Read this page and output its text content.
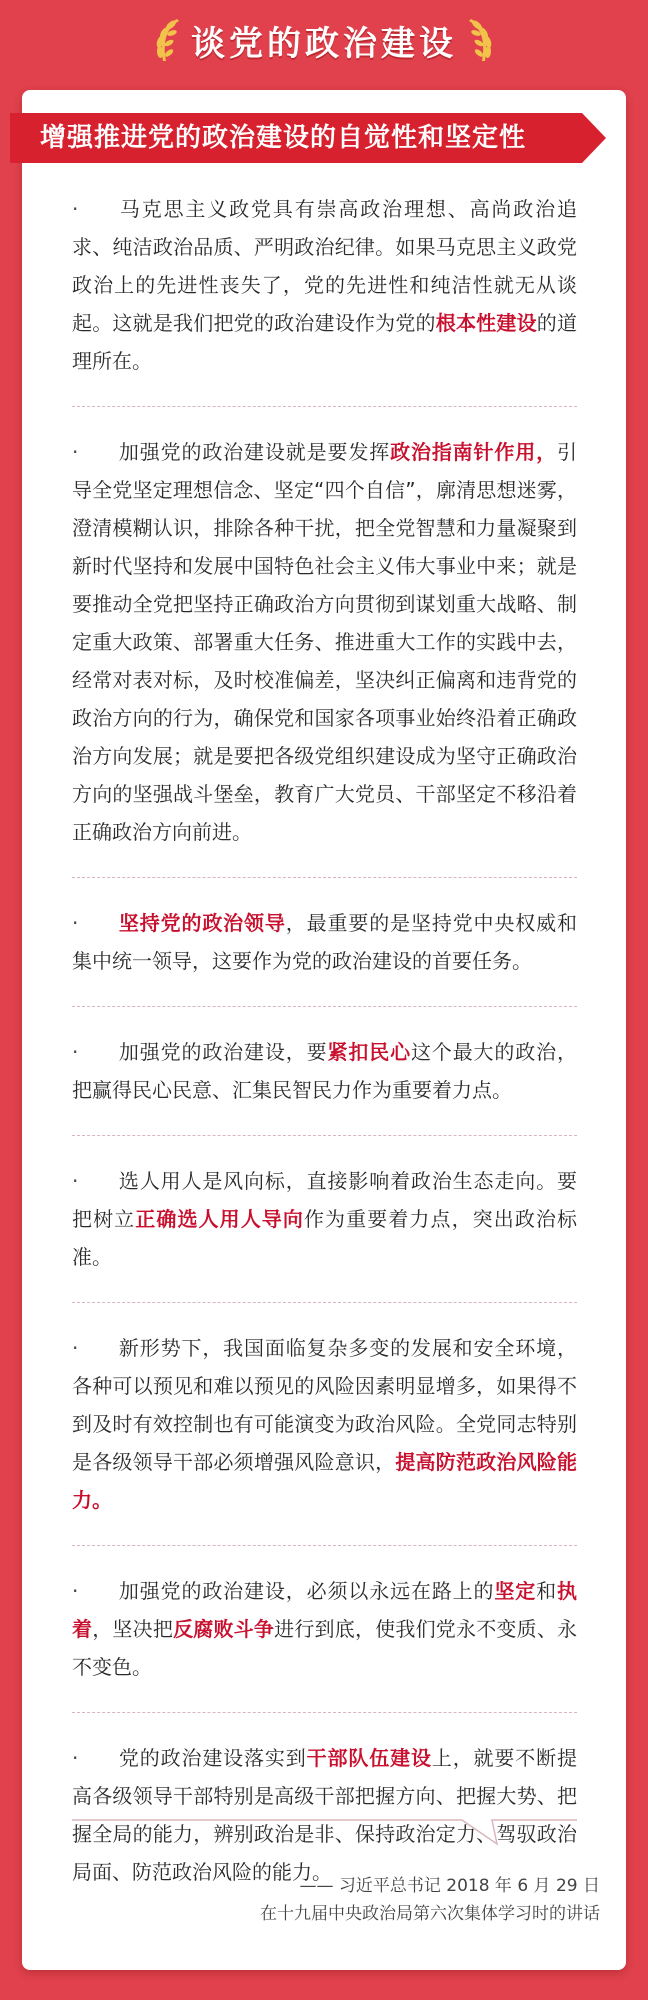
谈党的政治建设
增强推进党的政治建设的自觉性和坚定性
· 马克思主义政党具有崇高政治理想、高尚政治追求、纯洁政治品质、严明政治纪律。如果马克思主义政党政治上的先进性丧失了，党的先进性和纯洁性就无从谈起。这就是我们把党的政治建设作为党的根本性建设的道理所在。
· 加强党的政治建设就是要发挥政治指南针作用，引导全党坚定理想信念、坚定“四个自信”，廓清思想迷雾，澄清模糊认识，排除各种干扰，把全党智慧和力量凝聚到新时代坚持和发展中国特色社会主义伟大事业中来；就是要推动全党把坚持正确政治方向贯彻到谋划重大战略、制定重大政策、部署重大任务、推进重大工作的实践中去，经常对表对标，及时校准偏差，坚决纠正偏离和违背党的政治方向的行为，确保党和国家各项事业始终沿着正确政治方向发展；就是要把各级党组织建设成为坚守正确政治方向的坚强战斗堡垒，教育广大党员、干部坚定不移沿着正确政治方向前进。
· 坚持党的政治领导，最重要的是坚持党中央权威和集中统一领导，这要作为党的政治建设的首要任务。
· 加强党的政治建设，要紧扣民心这个最大的政治，把赢得民心民意、汇集民智民力作为重要着力点。
· 选人用人是风向标，直接影响着政治生态走向。要把树立正确选人用人导向作为重要着力点，突出政治标准。
· 新形势下，我国面临复杂多变的发展和安全环境，各种可以预见和难以预见的风险因素明显增多，如果得不到及时有效控制也有可能演变为政治风险。全党同志特别是各级领导干部必须增强风险意识，提高防范政治风险能力。
· 加强党的政治建设，必须以永远在路上的坚定和执着，坚决把反腐败斗争进行到底，使我们党永不变质、永不变色。
· 党的政治建设落实到干部队伍建设上，就要不断提高各级领导干部特别是高级干部把握方向、把握大势、把握全局的能力，辨别政治是非、保持政治定力、驾驭政治局面、防范政治风险的能力。
—— 习近平总书记 2018 年 6 月 29 日
在十九届中央政治局第六次集体学习时的讲话
